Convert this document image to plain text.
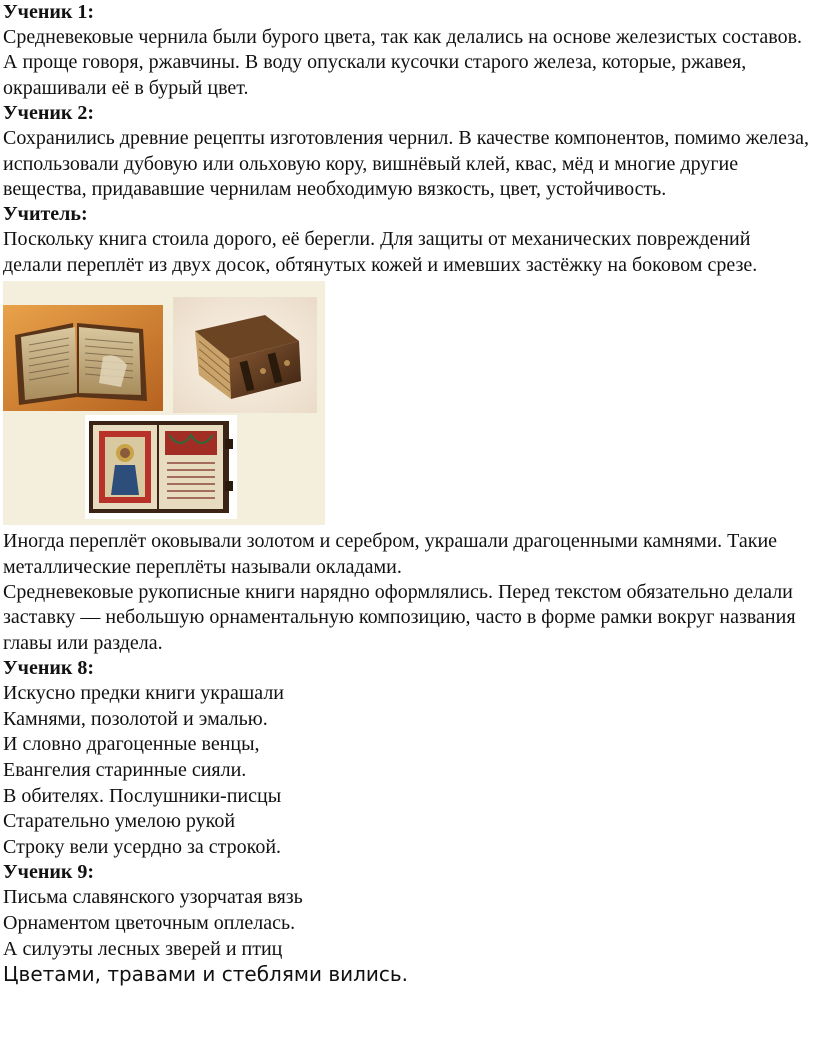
Ученик 1:

Средневековые чернила были бурого цвета, так как делались на основе железистых составов. А проще говоря, ржавчины. В воду опускали кусочки старого железа, которые, ржавея, окрашивали её в бурый цвет.

Ученик 2:

Сохранились древние рецепты изготовления чернил. В качестве компонентов, помимо железа, использовали дубовую или ольховую кору, вишнёвый клей, квас, мёд и многие другие вещества, придававшие чернилам необходимую вязкость, цвет, устойчивость.

Учитель:

Поскольку книга стоила дорого, её берегли. Для защиты от механических повреждений делали переплёт из двух досок, обтянутых кожей и имевших застёжку на боковом срезе.

Иногда переплёт оковывали золотом и серебром, украшали драгоценными камнями. Такие металлические переплёты называли окладами.

Средневековые рукописные книги нарядно оформлялись. Перед текстом обязательно делали заставку — небольшую орнаментальную композицию, часто в форме рамки вокруг названия главы или раздела.

Ученик 8:

Искусно предки книги украшали
Камнями, позолотой и эмалью.
И словно драгоценные венцы,
Евангелия старинные сияли.
В обителях. Послушники-писцы
Старательно умелою рукой
Строку вели усердно за строкой.

Ученик 9:

Письма славянского узорчатая вязь
Орнаментом цветочным оплелась.
А силуэты лесных зверей и птиц
Цветами, травами и стеблями вились.
